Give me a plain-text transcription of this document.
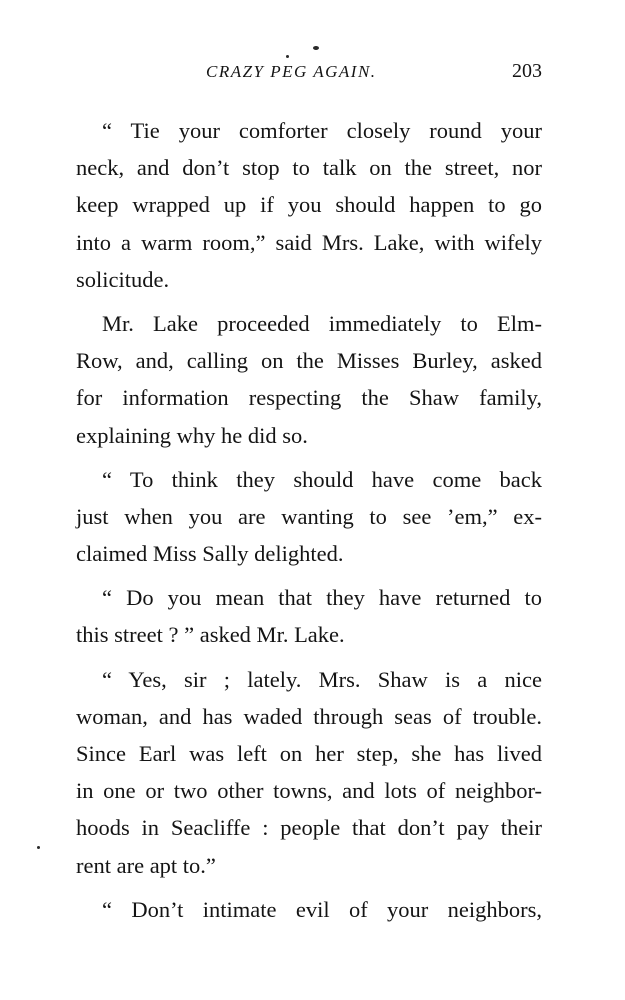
CRAZY PEG AGAIN.	203
“ Tie your comforter closely round your
neck, and don’t stop to talk on the street, nor
keep wrapped up if you should happen to go
into a warm room,” said Mrs. Lake, with wifely
solicitude.
Mr. Lake proceeded immediately to Elm-
Row, and, calling on the Misses Burley, asked
for information respecting the Shaw family,
explaining why he did so.
“ To think they should have come back
just when you are wanting to see ’em,” ex-
claimed Miss Sally delighted.
“ Do you mean that they have returned to
this street ? ” asked Mr. Lake.
“ Yes, sir ; lately. Mrs. Shaw is a nice
woman, and has waded through seas of trouble.
Since Earl was left on her step, she has lived
in one or two other towns, and lots of neighbor-
hoods in Seacliffe : people that don’t pay their
rent are apt to.”
“ Don’t intimate evil of your neighbors,
